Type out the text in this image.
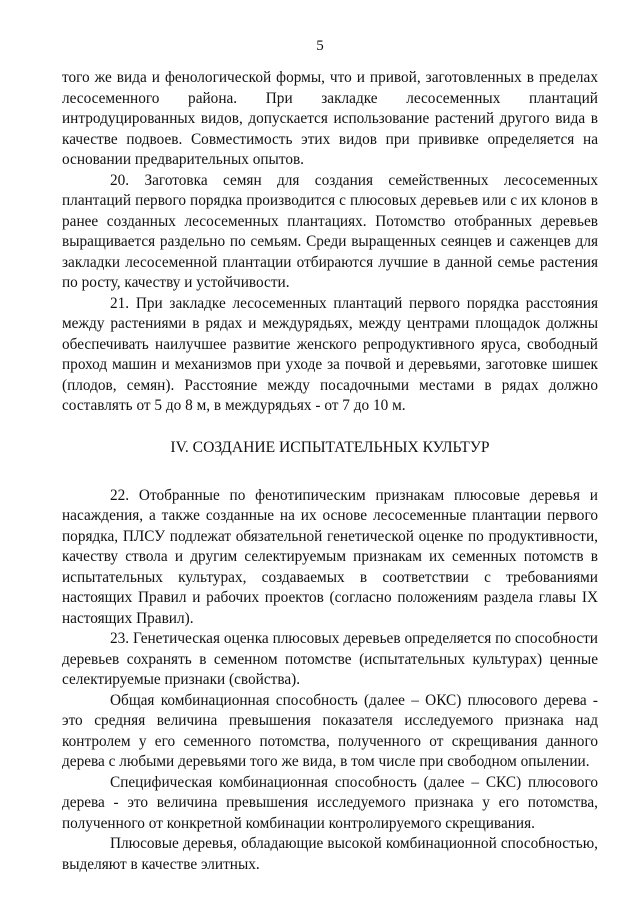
5

того же вида и фенологической формы, что и привой, заготовленных в пределах лесосеменного района. При закладке лесосеменных плантаций интродуцированных видов, допускается использование растений другого вида в качестве подвоев. Совместимость этих видов при прививке определяется на основании предварительных опытов.

20. Заготовка семян для создания семейственных лесосеменных плантаций первого порядка производится с плюсовых деревьев или с их клонов в ранее созданных лесосеменных плантациях. Потомство отобранных деревьев выращивается раздельно по семьям. Среди выращенных сеянцев и саженцев для закладки лесосеменной плантации отбираются лучшие в данной семье растения по росту, качеству и устойчивости.

21. При закладке лесосеменных плантаций первого порядка расстояния между растениями в рядах и междурядьях, между центрами площадок должны обеспечивать наилучшее развитие женского репродуктивного яруса, свободный проход машин и механизмов при уходе за почвой и деревьями, заготовке шишек (плодов, семян). Расстояние между посадочными местами в рядах должно составлять от 5 до 8 м, в междурядьях - от 7 до 10 м.

IV. СОЗДАНИЕ ИСПЫТАТЕЛЬНЫХ КУЛЬТУР

22. Отобранные по фенотипическим признакам плюсовые деревья и насаждения, а также созданные на их основе лесосеменные плантации первого порядка, ПЛСУ подлежат обязательной генетической оценке по продуктивности, качеству ствола и другим селектируемым признакам их семенных потомств в испытательных культурах, создаваемых в соответствии с требованиями настоящих Правил и рабочих проектов (согласно положениям раздела главы IX настоящих Правил).

23. Генетическая оценка плюсовых деревьев определяется по способности деревьев сохранять в семенном потомстве (испытательных культурах) ценные селектируемые признаки (свойства).

Общая комбинационная способность (далее – ОКС) плюсового дерева - это средняя величина превышения показателя исследуемого признака над контролем у его семенного потомства, полученного от скрещивания данного дерева с любыми деревьями того же вида, в том числе при свободном опылении.

Специфическая комбинационная способность (далее – СКС) плюсового дерева - это величина превышения исследуемого признака у его потомства, полученного от конкретной комбинации контролируемого скрещивания.

Плюсовые деревья, обладающие высокой комбинационной способностью, выделяют в качестве элитных.
